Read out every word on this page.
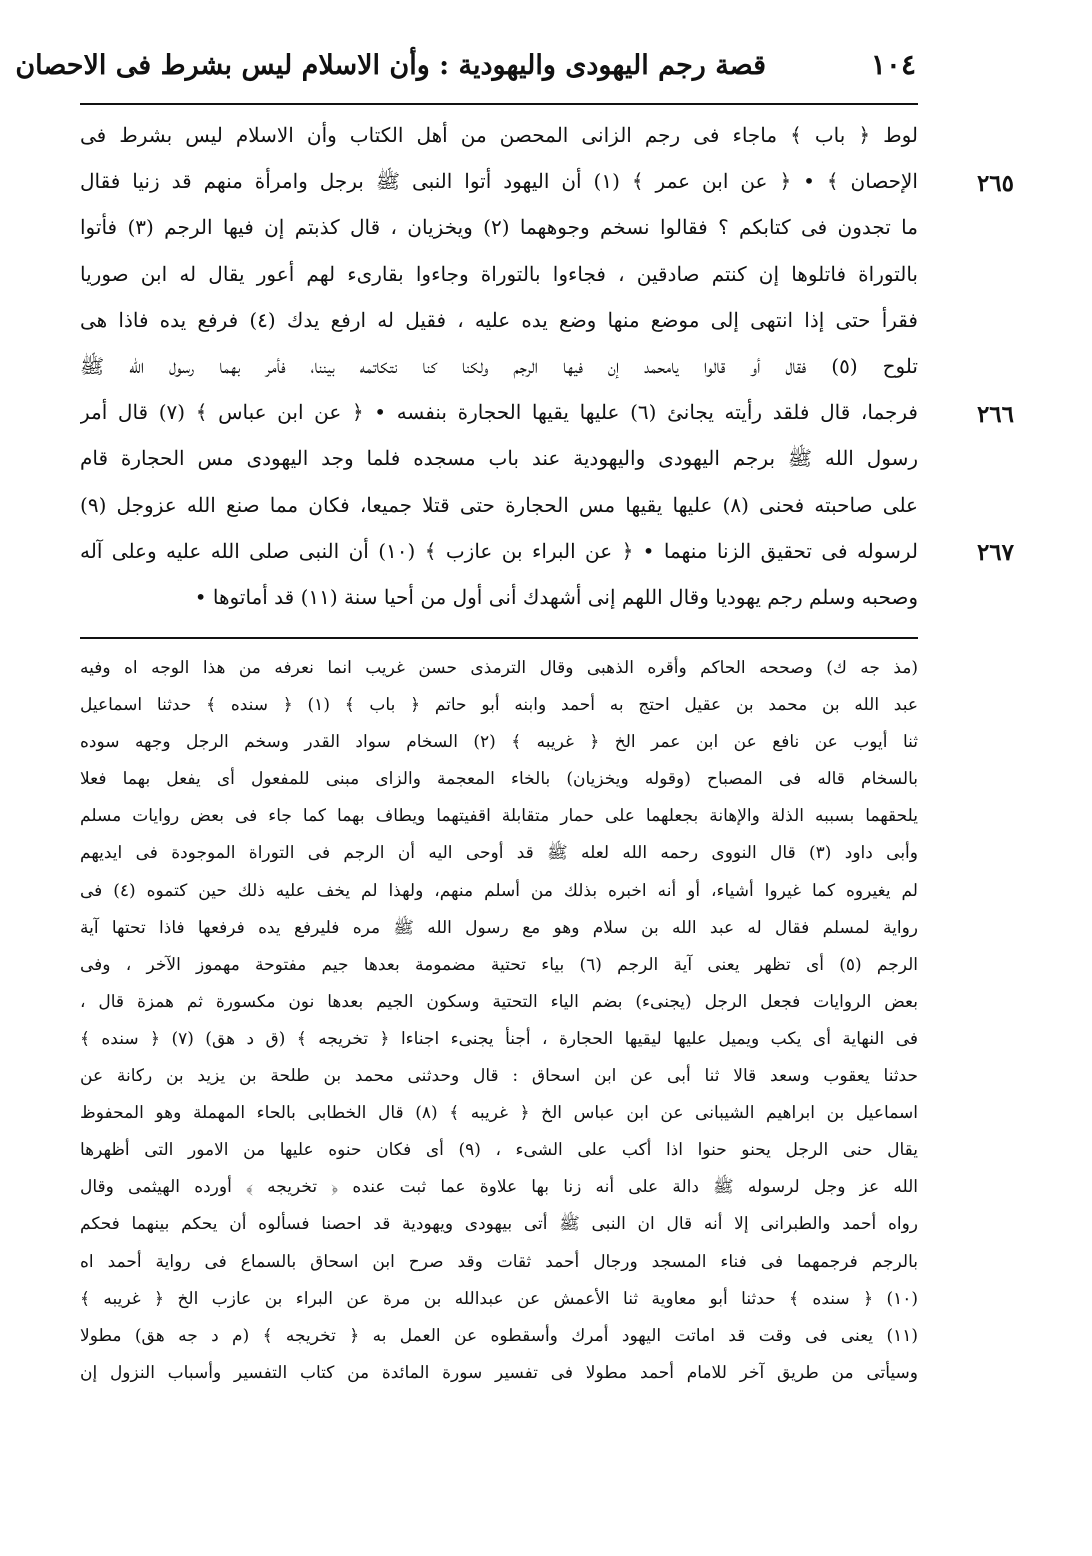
١٠٤
قصة رجم اليهودى واليهودية : وأن الاسلام ليس بشرط فى الاحصان
٢٦٥
٢٦٦
٢٦٧
لوط ﴿ باب ﴾ ماجاء فى رجم الزانى المحصن من أهل الكتاب وأن الاسلام ليس بشرط فى
الإحصان ﴾ • ﴿ عن ابن عمر ﴾ (١) أن اليهود أتوا النبى ﷺ برجل وامرأة منهم قد زنيا فقال
ما تجدون فى كتابكم ؟ فقالوا نسخم وجوههما (٢) ويخزيان ، قال كذبتم إن فيها الرجم (٣) فأتوا
بالتوراة فاتلوها إن كنتم صادقين ، فجاءوا بالتوراة وجاءوا بقارىء لهم أعور يقال له ابن صوريا
فقرأ حتى إذا انتهى إلى موضع منها وضع يده عليه ، فقيل له ارفع يدك (٤) فرفع يده فاذا هى
تلوح (٥) فقال أو قالوا يامحمد إن فيها الرجم ولكنا كنا نتكاتمه بيننا، فأمر بهما رسول الله ﷺ
فرجما، قال فلقد رأيته يجانئ (٦) عليها يقيها الحجارة بنفسه • ﴿ عن ابن عباس ﴾ (٧) قال أمر
رسول الله ﷺ برجم اليهودى واليهودية عند باب مسجده فلما وجد اليهودى مس الحجارة قام
على صاحبته فحنى (٨) عليها يقيها مس الحجارة حتى قتلا جميعا، فكان مما صنع الله عزوجل (٩)
لرسوله فى تحقيق الزنا منهما • ﴿ عن البراء بن عازب ﴾ (١٠) أن النبى صلى الله عليه وعلى آله
وصحبه وسلم رجم يهوديا وقال اللهم إنى أشهدك أنى أول من أحيا سنة (١١) قد أماتوها •
(مذ جه ك) وصححه الحاكم وأقره الذهبى وقال الترمذى حسن غريب انما نعرفه من هذا الوجه اه وفيه
عبد الله بن محمد بن عقيل احتج به أحمد وابنه أبو حاتم ﴿ باب ﴾ (١) ﴿ سنده ﴾ حدثنا اسماعيل
ثنا أيوب عن نافع عن ابن عمر الخ ﴿ غريبه ﴾ (٢) السخام سواد القدر وسخم الرجل وجهه سوده
بالسخام قاله فى المصباح (وقوله ويخزيان) بالخاء المعجمة والزاى مبنى للمفعول أى يفعل بهما فعلا
يلحقهما بسببه الذلة والإهانة بجعلهما على حمار متقابلة اقفيتهما ويطاف بهما كما جاء فى بعض روايات مسلم
وأبى داود (٣) قال النووى رحمه الله لعله ﷺ قد أوحى اليه أن الرجم فى التوراة الموجودة فى ايديهم
لم يغيروه كما غيروا أشياء، أو أنه اخبره بذلك من أسلم منهم، ولهذا لم يخف عليه ذلك حين كتموه (٤) فى
رواية لمسلم فقال له عبد الله بن سلام وهو مع رسول الله ﷺ مره فليرفع يده فرفعها فاذا تحتها آية
الرجم (٥) أى تظهر يعنى آية الرجم (٦) بياء تحتية مضمومة بعدها جيم مفتوحة مهموز الآخر ، وفى
بعض الروايات فجعل الرجل (يجنىء) بضم الياء التحتية وسكون الجيم بعدها نون مكسورة ثم همزة قال ،
فى النهاية أى يكب ويميل عليها ليقيها الحجارة ، أجنأ يجنىء اجناءا ﴿ تخريجه ﴾ (ق د هق) (٧) ﴿ سنده ﴾
حدثنا يعقوب وسعد قالا ثنا أبى عن ابن اسحاق : قال وحدثنى محمد بن طلحة بن يزيد بن ركانة عن
اسماعيل بن ابراهيم الشيبانى عن ابن عباس الخ ﴿ غريبه ﴾ (٨) قال الخطابى بالحاء المهملة وهو المحفوظ
يقال حنى الرجل يحنو حنوا اذا أكب على الشىء ، (٩) أى فكان حنوه عليها من الامور التى أظهرها
الله عز وجل لرسوله ﷺ دالة على أنه زنا بها علاوة عما ثبت عنده ﴿ تخريجه ﴾ أورده الهيثمى وقال
رواه أحمد والطبرانى إلا أنه قال ان النبى ﷺ أتى بيهودى ويهودية قد احصنا فسألوه أن يحكم بينهما فحكم
بالرجم فرجمهما فى فناء المسجد ورجال أحمد ثقات وقد صرح ابن اسحاق بالسماع فى رواية أحمد اه
(١٠) ﴿ سنده ﴾ حدثنا أبو معاوية ثنا الأعمش عن عبدالله بن مرة عن البراء بن عازب الخ ﴿ غريبه ﴾
(١١) يعنى فى وقت قد اماتت اليهود أمرك وأسقطوه عن العمل به ﴿ تخريجه ﴾ (م د جه هق) مطولا
وسيأتى من طريق آخر للامام أحمد مطولا فى تفسير سورة المائدة من كتاب التفسير وأسباب النزول إن
